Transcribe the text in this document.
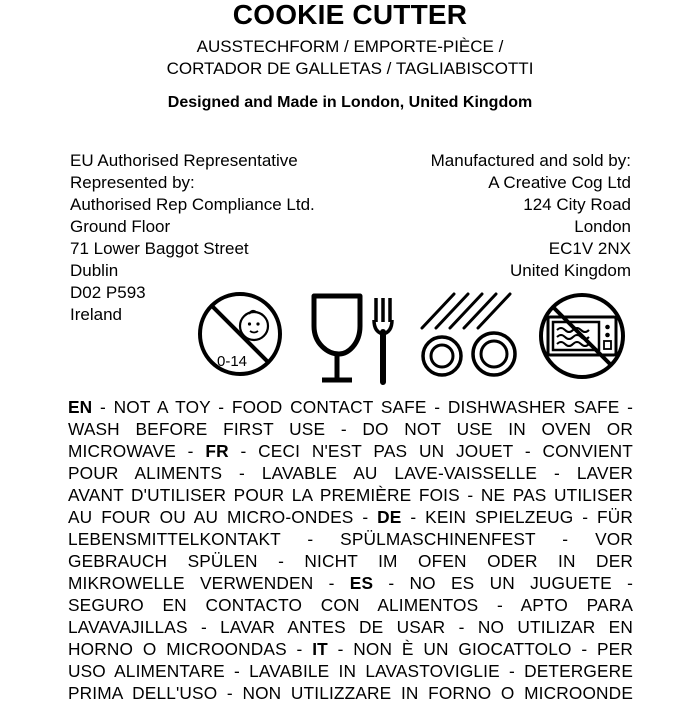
COOKIE CUTTER
AUSSTECHFORM / EMPORTE-PIÈCE /
CORTADOR DE GALLETAS / TAGLIABISCOTTI
Designed and Made in London, United Kingdom
EU Authorised Representative
Represented by:
Authorised Rep Compliance Ltd.
Ground Floor
71 Lower Baggot Street
Dublin
D02 P593
Ireland
Manufactured and sold by:
A Creative Cog Ltd
124 City Road
London
EC1V 2NX
United Kingdom
0-14
EN - NOT A TOY - FOOD CONTACT SAFE - DISHWASHER SAFE -
WASH BEFORE FIRST USE - DO NOT USE IN OVEN OR
MICROWAVE - FR - CECI N'EST PAS UN JOUET - CONVIENT
POUR ALIMENTS - LAVABLE AU LAVE-VAISSELLE - LAVER
AVANT D'UTILISER POUR LA PREMIÈRE FOIS - NE PAS UTILISER
AU FOUR OU AU MICRO-ONDES - DE - KEIN SPIELZEUG - FÜR
LEBENSMITTELKONTAKT - SPÜLMASCHINENFEST - VOR
GEBRAUCH SPÜLEN - NICHT IM OFEN ODER IN DER
MIKROWELLE VERWENDEN - ES - NO ES UN JUGUETE -
SEGURO EN CONTACTO CON ALIMENTOS - APTO PARA
LAVAVAJILLAS - LAVAR ANTES DE USAR - NO UTILIZAR EN
HORNO O MICROONDAS - IT - NON È UN GIOCATTOLO - PER
USO ALIMENTARE - LAVABILE IN LAVASTOVIGLIE - DETERGERE
PRIMA DELL'USO - NON UTILIZZARE IN FORNO O MICROONDE
